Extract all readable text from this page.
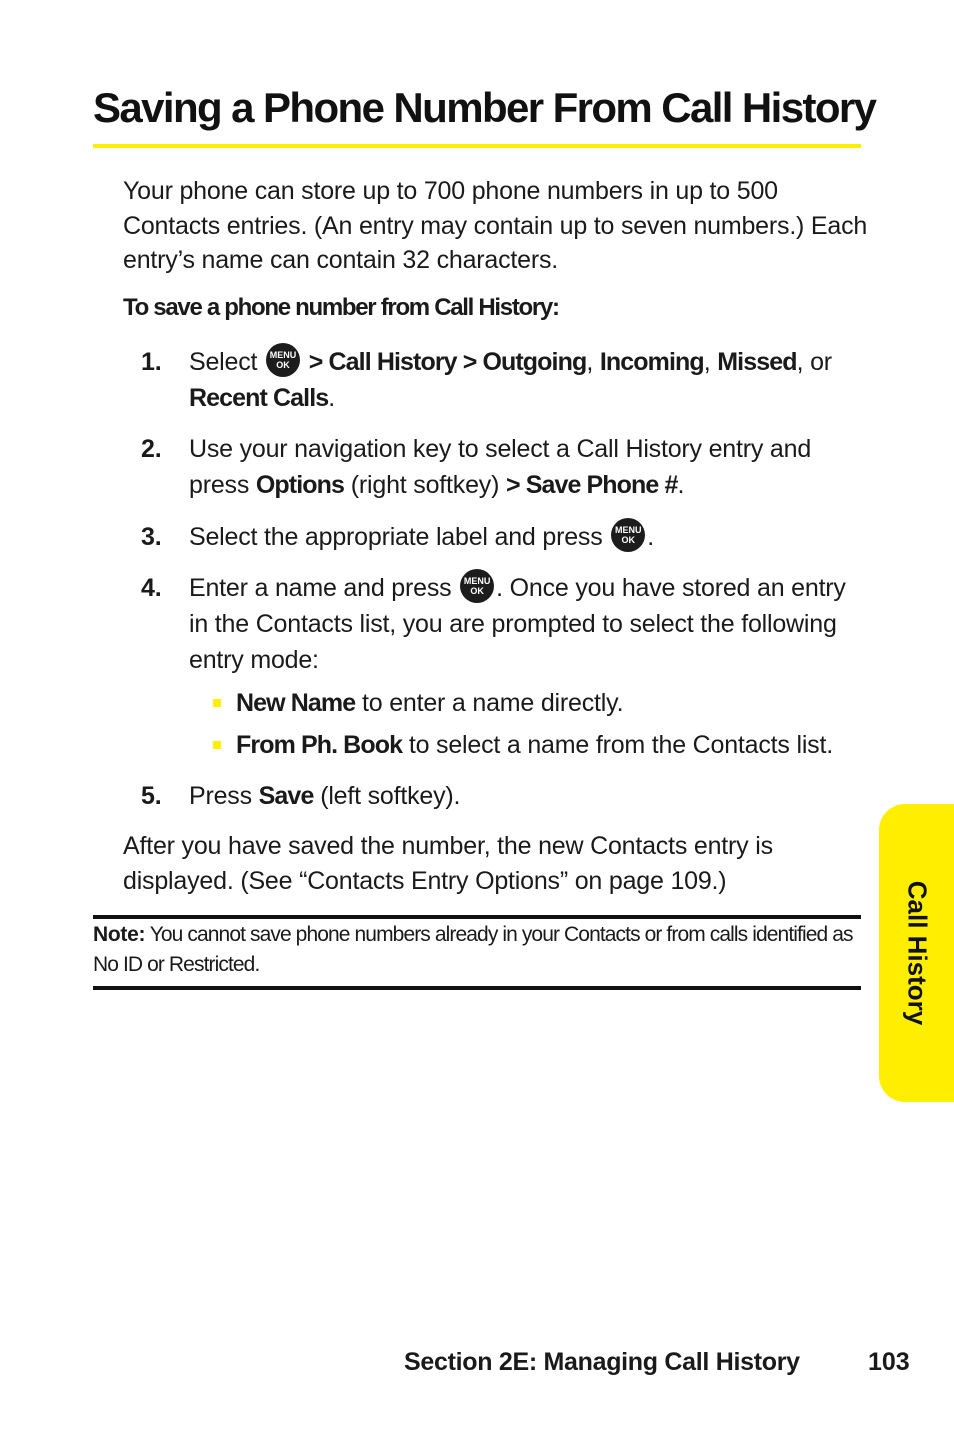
Saving a Phone Number From Call History

Your phone can store up to 700 phone numbers in up to 500 Contacts entries. (An entry may contain up to seven numbers.) Each entry’s name can contain 32 characters.

To save a phone number from Call History:
1. Select MENU
OK > Call History > Outgoing, Incoming, Missed, or Recent Calls.
2. Use your navigation key to select a Call History entry and press Options (right softkey) > Save Phone #.
3. Select the appropriate label and press MENU
OK .
4. Enter a name and press MENU
OK . Once you have stored an entry in the Contacts list, you are prompted to select the following entry mode:
New Name to enter a name directly.
From Ph. Book to select a name from the Contacts list.
5. Press Save (left softkey).

After you have saved the number, the new Contacts entry is displayed. (See “Contacts Entry Options” on page 109.)

Note: You cannot save phone numbers already in your Contacts or from calls identified as No ID or Restricted.	Call History
Section 2E: Managing Call History	103
